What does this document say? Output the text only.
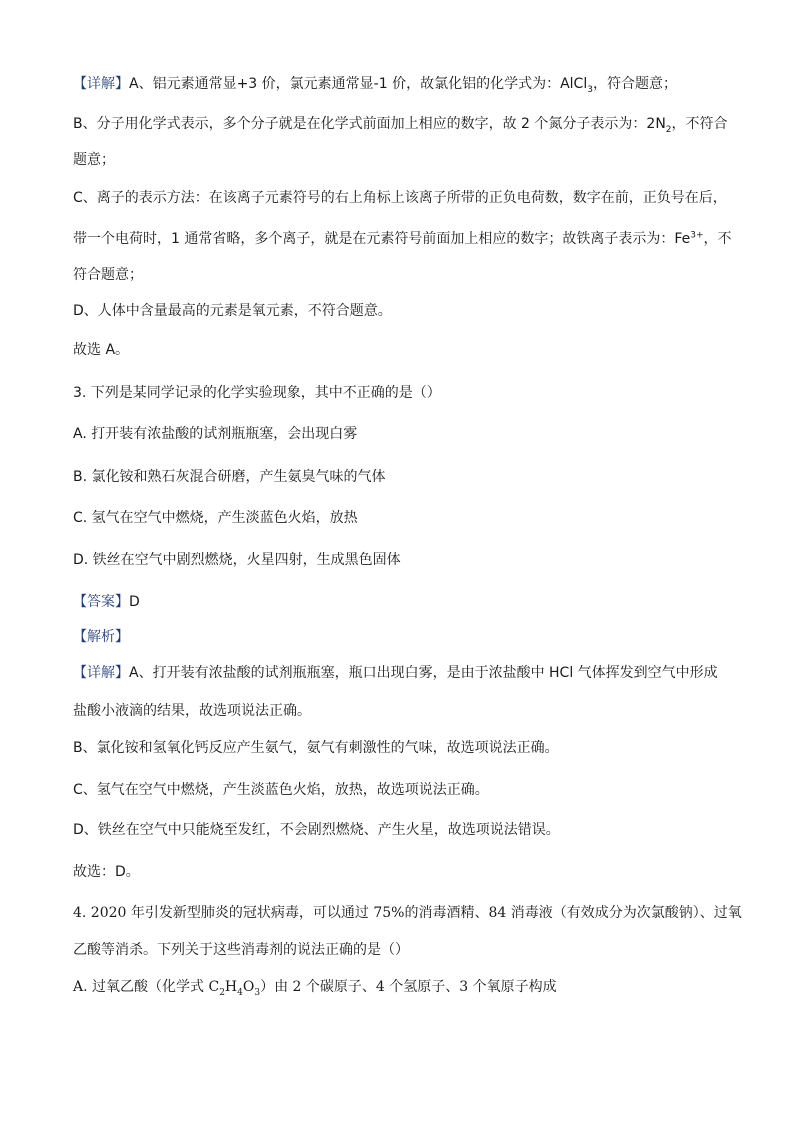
【详解】A、铝元素通常显+3 价，氯元素通常显-1 价，故氯化铝的化学式为：AlCl$_3$，符合题意；
B、分子用化学式表示，多个分子就是在化学式前面加上相应的数字，故 2 个氮分子表示为：$2N_2$，不符合
题意；
C、离子的表示方法：在该离子元素符号的右上角标上该离子所带的正负电荷数，数字在前，正负号在后，
带一个电荷时，1 通常省略，多个离子，就是在元素符号前面加上相应的数字；故铁离子表示为：$Fe^{3+}$，不
符合题意；
D、人体中含量最高的元素是氧元素，不符合题意。
故选 A。
3. 下列是某同学记录的化学实验现象，其中不正确的是（）
A. 打开装有浓盐酸的试剂瓶瓶塞，会出现白雾
B. 氯化铵和熟石灰混合研磨，产生氨臭气味的气体
C. 氢气在空气中燃烧，产生淡蓝色火焰，放热
D. 铁丝在空气中剧烈燃烧，火星四射，生成黑色固体
【答案】D
【解析】
【详解】A、打开装有浓盐酸的试剂瓶瓶塞，瓶口出现白雾，是由于浓盐酸中 HCl 气体挥发到空气中形成
盐酸小液滴的结果，故选项说法正确。
B、氯化铵和氢氧化钙反应产生氨气，氨气有刺激性的气味，故选项说法正确。
C、氢气在空气中燃烧，产生淡蓝色火焰，放热，故选项说法正确。
D、铁丝在空气中只能烧至发红，不会剧烈燃烧、产生火星，故选项说法错误。
故选：D。
4. 2020 年引发新型肺炎的冠状病毒，可以通过 75%的消毒酒精、84 消毒液（有效成分为次氯酸钠）、过氧
乙酸等消杀。下列关于这些消毒剂的说法正确的是（）
A. 过氧乙酸（化学式 $C_2H_4O_3$）由 2 个碳原子、4 个氢原子、3 个氧原子构成
